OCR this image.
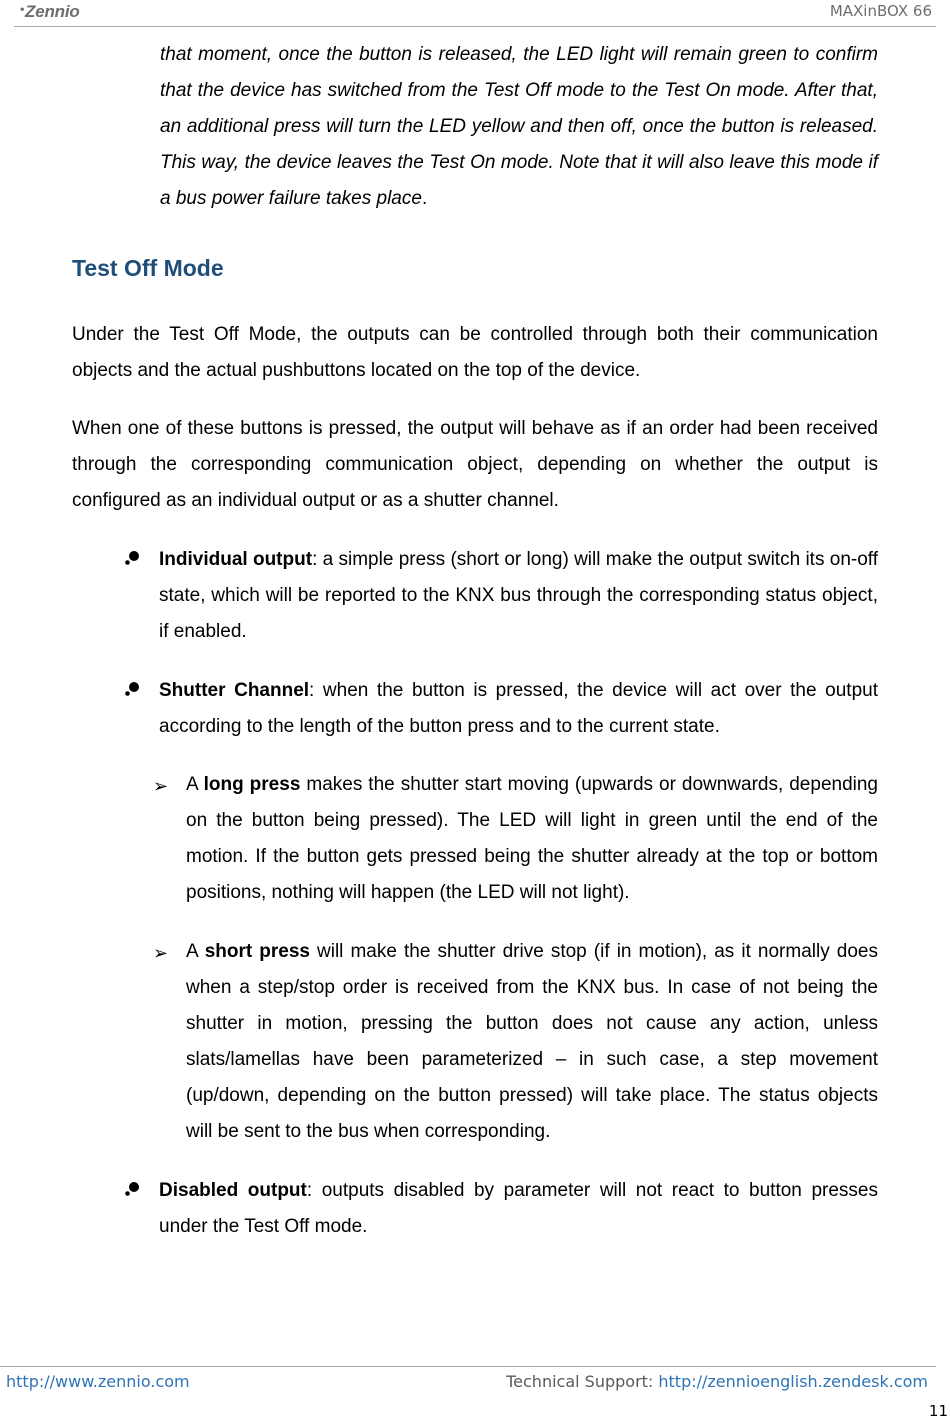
•Zennio	MAXinBOX 66

that moment, once the button is released, the LED light will remain green to confirm that the device has switched from the Test Off mode to the Test On mode. After that, an additional press will turn the LED yellow and then off, once the button is released. This way, the device leaves the Test On mode. Note that it will also leave this mode if a bus power failure takes place.

Test Off Mode

Under the Test Off Mode, the outputs can be controlled through both their communication objects and the actual pushbuttons located on the top of the device.

When one of these buttons is pressed, the output will behave as if an order had been received through the corresponding communication object, depending on whether the output is configured as an individual output or as a shutter channel.

Individual output: a simple press (short or long) will make the output switch its on-off state, which will be reported to the KNX bus through the corresponding status object, if enabled.

Shutter Channel: when the button is pressed, the device will act over the output according to the length of the button press and to the current state.

➢ A long press makes the shutter start moving (upwards or downwards, depending on the button being pressed). The LED will light in green until the end of the motion. If the button gets pressed being the shutter already at the top or bottom positions, nothing will happen (the LED will not light).

➢ A short press will make the shutter drive stop (if in motion), as it normally does when a step/stop order is received from the KNX bus. In case of not being the shutter in motion, pressing the button does not cause any action, unless slats/lamellas have been parameterized – in such case, a step movement (up/down, depending on the button pressed) will take place. The status objects will be sent to the bus when corresponding.

Disabled output: outputs disabled by parameter will not react to button presses under the Test Off mode.

http://www.zennio.com	Technical Support: http://zennioenglish.zendesk.com
11
